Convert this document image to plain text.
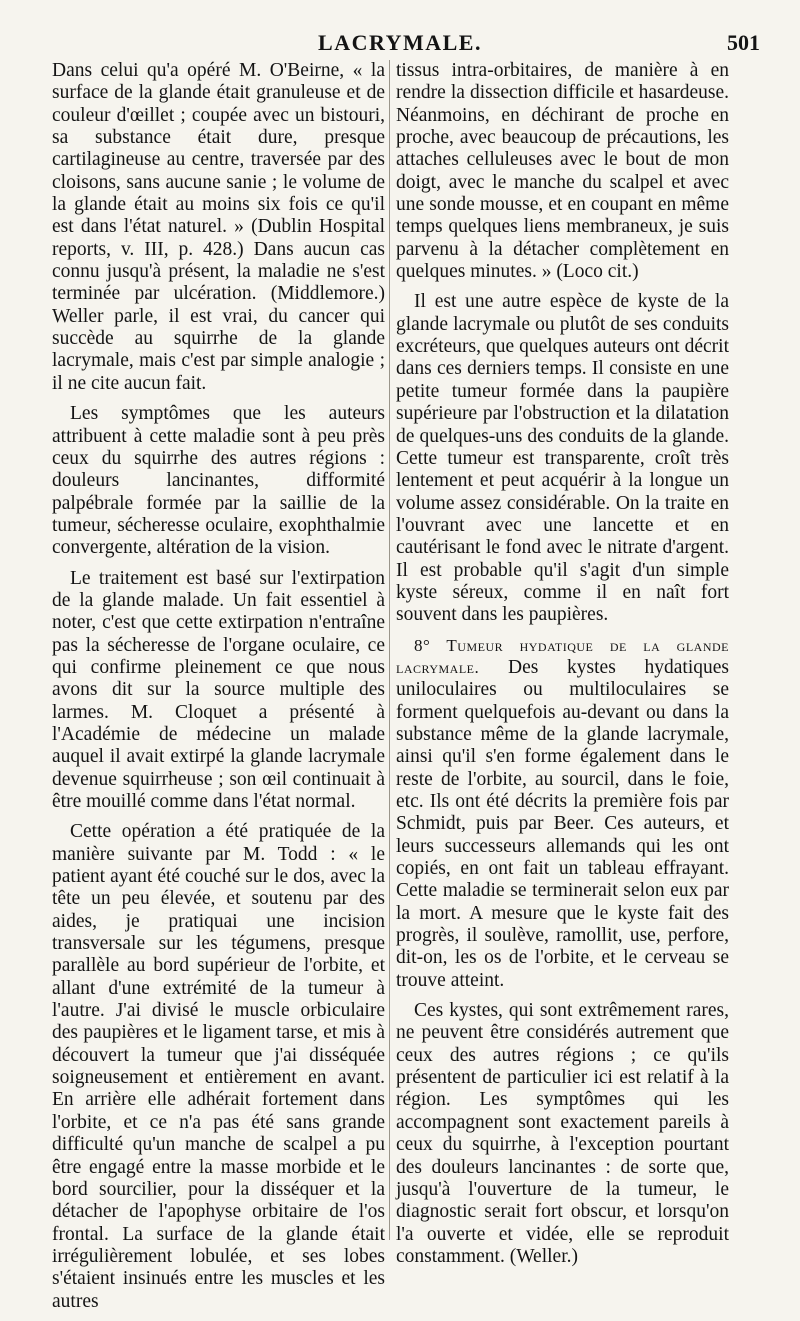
LACRYMALE.	501

Dans celui qu'a opéré M. O'Beirne, « la surface de la glande était granuleuse et de couleur d'œillet ; coupée avec un bistouri, sa substance était dure, presque cartilagineuse au centre, traversée par des cloisons, sans aucune sanie ; le volume de la glande était au moins six fois ce qu'il est dans l'état naturel. » (Dublin Hospital reports, v. III, p. 428.) Dans aucun cas connu jusqu'à présent, la maladie ne s'est terminée par ulcération. (Middlemore.) Weller parle, il est vrai, du cancer qui succède au squirrhe de la glande lacrymale, mais c'est par simple analogie ; il ne cite aucun fait.

Les symptômes que les auteurs attribuent à cette maladie sont à peu près ceux du squirrhe des autres régions : douleurs lancinantes, difformité palpébrale formée par la saillie de la tumeur, sécheresse oculaire, exophthalmie convergente, altération de la vision.

Le traitement est basé sur l'extirpation de la glande malade. Un fait essentiel à noter, c'est que cette extirpation n'entraîne pas la sécheresse de l'organe oculaire, ce qui confirme pleinement ce que nous avons dit sur la source multiple des larmes. M. Cloquet a présenté à l'Académie de médecine un malade auquel il avait extirpé la glande lacrymale devenue squirrheuse ; son œil continuait à être mouillé comme dans l'état normal.

Cette opération a été pratiquée de la manière suivante par M. Todd : « le patient ayant été couché sur le dos, avec la tête un peu élevée, et soutenu par des aides, je pratiquai une incision transversale sur les tégumens, presque parallèle au bord supérieur de l'orbite, et allant d'une extrémité de la tumeur à l'autre. J'ai divisé le muscle orbiculaire des paupières et le ligament tarse, et mis à découvert la tumeur que j'ai disséquée soigneusement et entièrement en avant. En arrière elle adhérait fortement dans l'orbite, et ce n'a pas été sans grande difficulté qu'un manche de scalpel a pu être engagé entre la masse morbide et le bord sourcilier, pour la disséquer et la détacher de l'apophyse orbitaire de l'os frontal. La surface de la glande était irrégulièrement lobulée, et ses lobes s'étaient insinués entre les muscles et les autres

tissus intra-orbitaires, de manière à en rendre la dissection difficile et hasardeuse. Néanmoins, en déchirant de proche en proche, avec beaucoup de précautions, les attaches celluleuses avec le bout de mon doigt, avec le manche du scalpel et avec une sonde mousse, et en coupant en même temps quelques liens membraneux, je suis parvenu à la détacher complètement en quelques minutes. » (Loco cit.)

Il est une autre espèce de kyste de la glande lacrymale ou plutôt de ses conduits excréteurs, que quelques auteurs ont décrit dans ces derniers temps. Il consiste en une petite tumeur formée dans la paupière supérieure par l'obstruction et la dilatation de quelques-uns des conduits de la glande. Cette tumeur est transparente, croît très lentement et peut acquérir à la longue un volume assez considérable. On la traite en l'ouvrant avec une lancette et en cautérisant le fond avec le nitrate d'argent. Il est probable qu'il s'agit d'un simple kyste séreux, comme il en naît fort souvent dans les paupières.

8° Tumeur hydatique de la glande lacrymale. Des kystes hydatiques uniloculaires ou multiloculaires se forment quelquefois au-devant ou dans la substance même de la glande lacrymale, ainsi qu'il s'en forme également dans le reste de l'orbite, au sourcil, dans le foie, etc. Ils ont été décrits la première fois par Schmidt, puis par Beer. Ces auteurs, et leurs successeurs allemands qui les ont copiés, en ont fait un tableau effrayant. Cette maladie se terminerait selon eux par la mort. A mesure que le kyste fait des progrès, il soulève, ramollit, use, perfore, dit-on, les os de l'orbite, et le cerveau se trouve atteint.

Ces kystes, qui sont extrêmement rares, ne peuvent être considérés autrement que ceux des autres régions ; ce qu'ils présentent de particulier ici est relatif à la région. Les symptômes qui les accompagnent sont exactement pareils à ceux du squirrhe, à l'exception pourtant des douleurs lancinantes : de sorte que, jusqu'à l'ouverture de la tumeur, le diagnostic serait fort obscur, et lorsqu'on l'a ouverte et vidée, elle se reproduit constamment. (Weller.)
